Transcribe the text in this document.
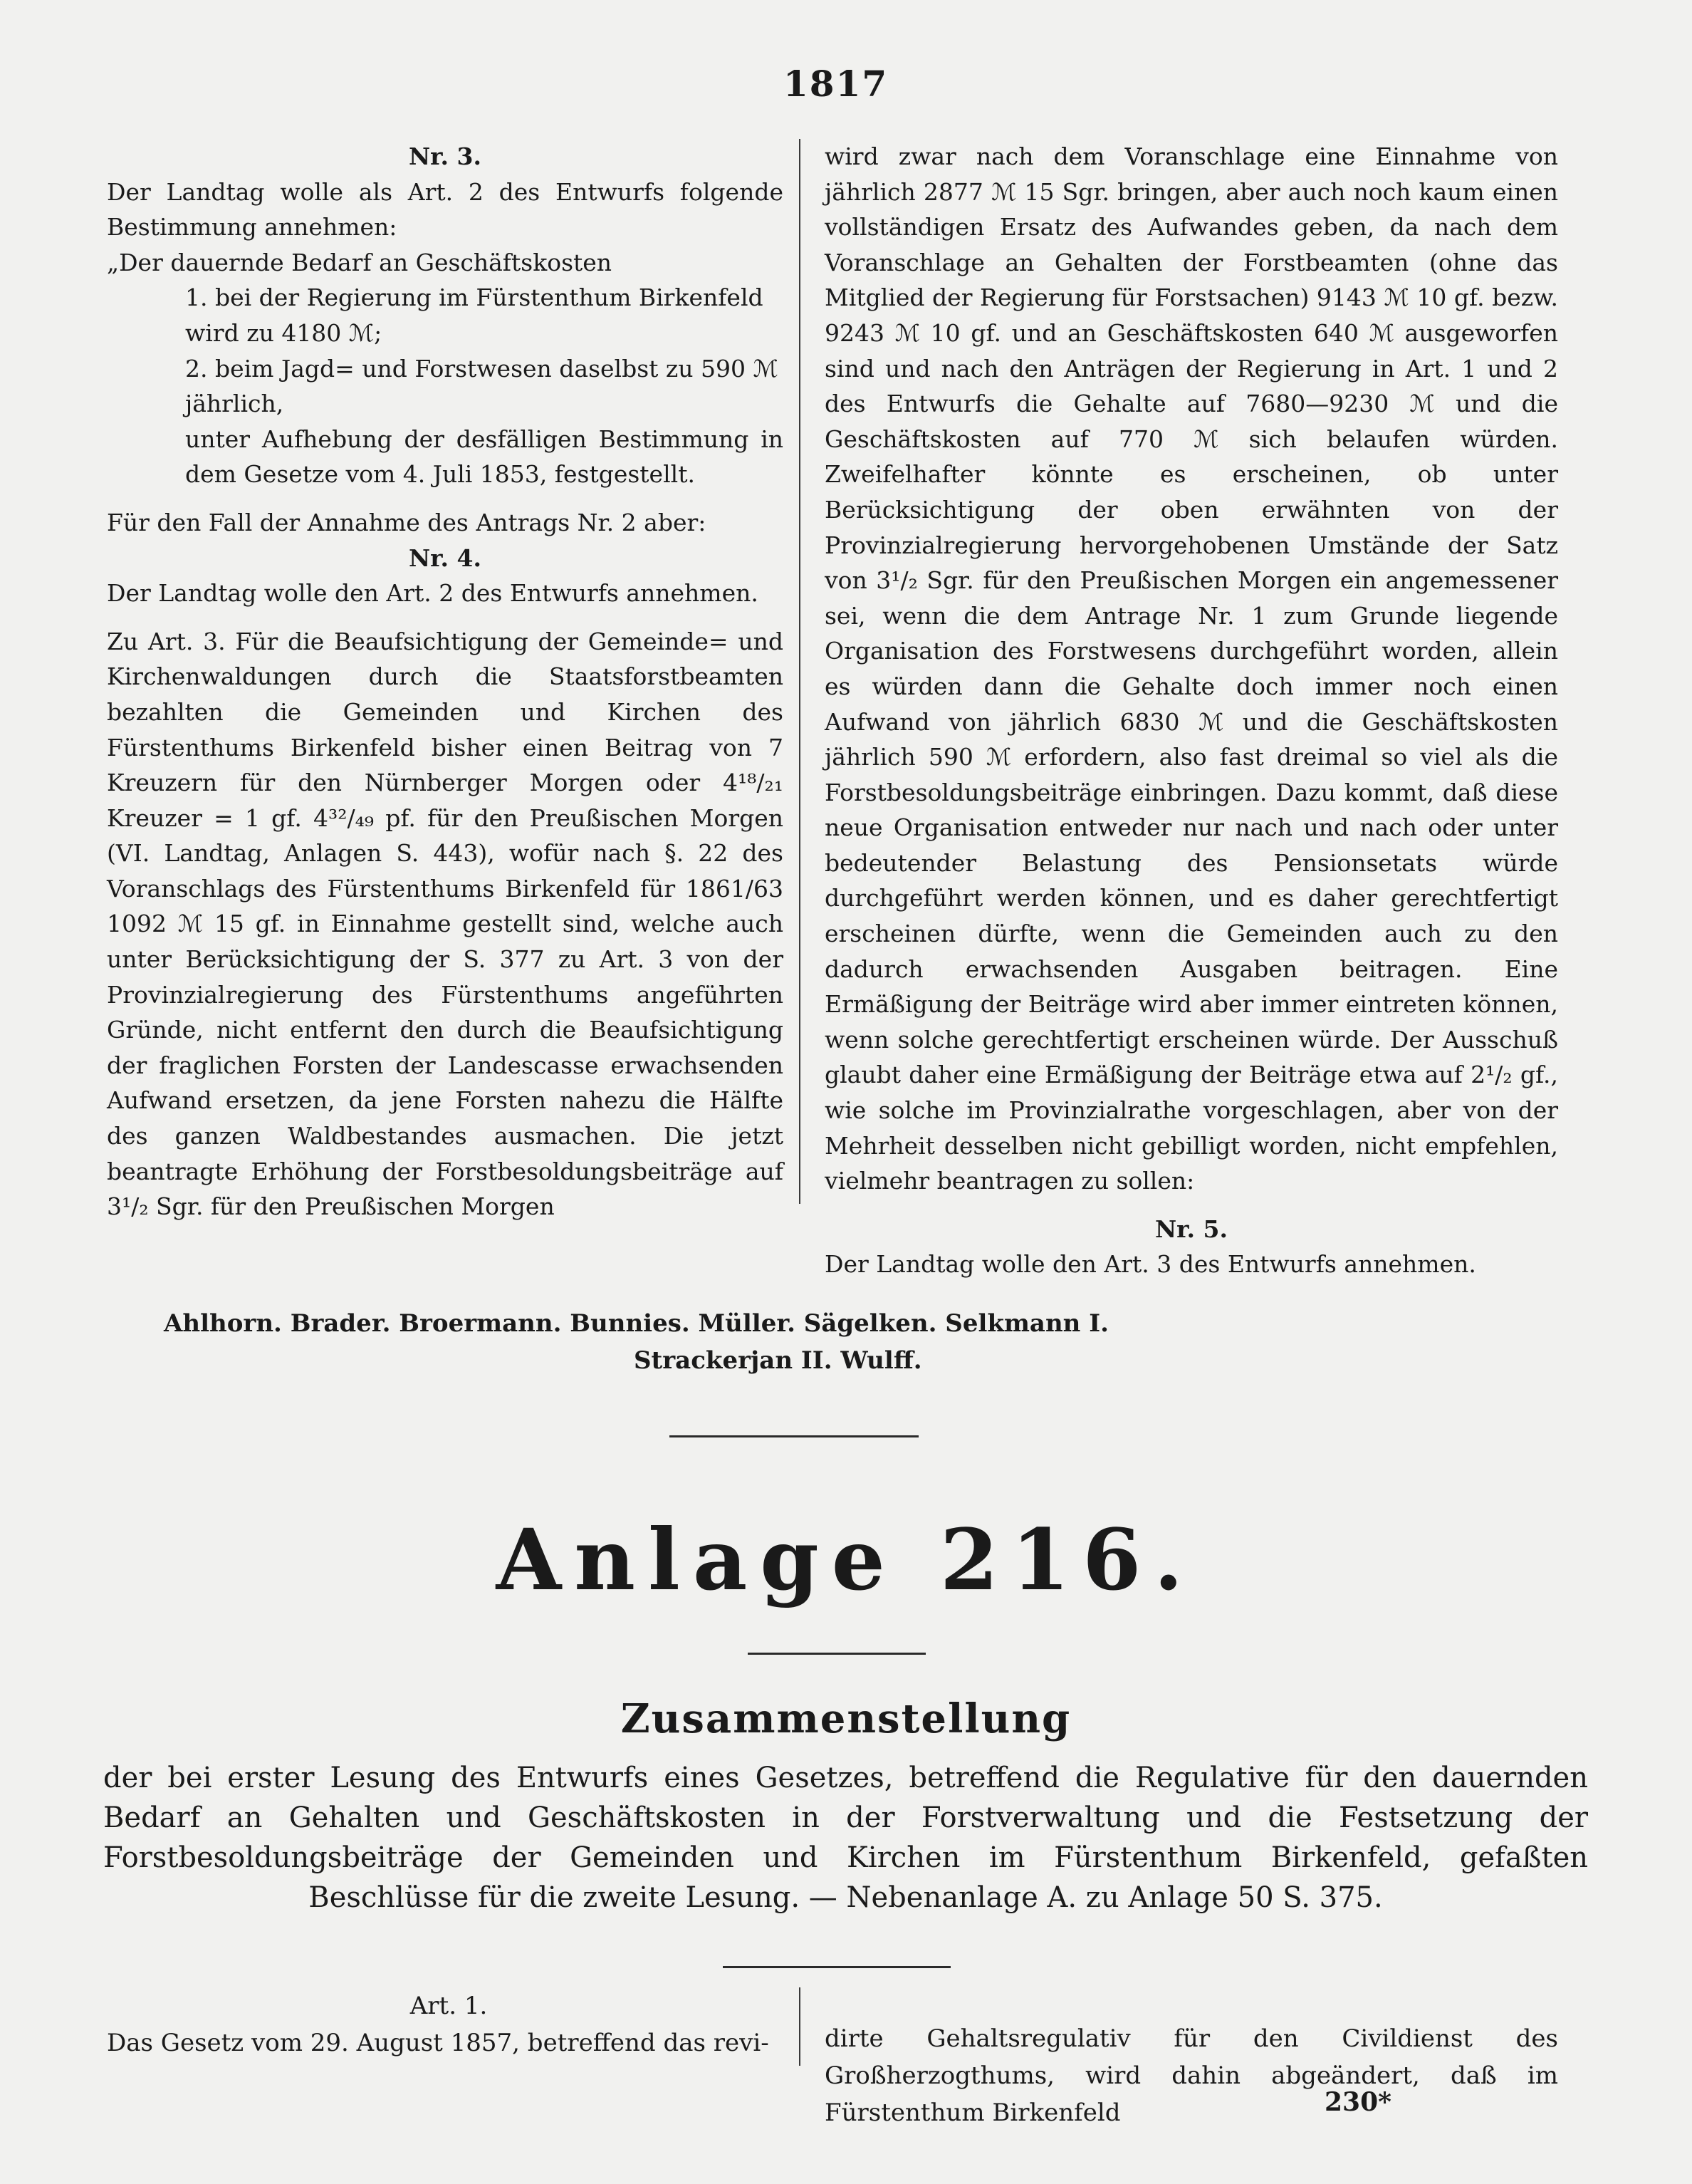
1817

Nr. 3.

Der Landtag wolle als Art. 2 des Entwurfs folgende Bestimmung annehmen:

„Der dauernde Bedarf an Geschäftskosten

1. bei der Regierung im Fürstenthum Birkenfeld wird zu 4180 ℳ;

2. beim Jagd= und Forstwesen daselbst zu 590 ℳ jährlich,

unter Aufhebung der desfälligen Bestimmung in dem Gesetze vom 4. Juli 1853, festgestellt.

Für den Fall der Annahme des Antrags Nr. 2 aber:

Nr. 4.

Der Landtag wolle den Art. 2 des Entwurfs annehmen.

Zu Art. 3. Für die Beaufsichtigung der Gemeinde= und Kirchenwaldungen durch die Staatsforstbeamten bezahlten die Gemeinden und Kirchen des Fürstenthums Birkenfeld bisher einen Beitrag von 7 Kreuzern für den Nürnberger Morgen oder 4¹⁸/₂₁ Kreuzer = 1 gf. 4³²/₄₉ pf. für den Preußischen Morgen (VI. Landtag, Anlagen S. 443), wofür nach §. 22 des Voranschlags des Fürstenthums Birkenfeld für 1861/63 1092 ℳ 15 gf. in Einnahme gestellt sind, welche auch unter Berücksichtigung der S. 377 zu Art. 3 von der Provinzialregierung des Fürstenthums angeführten Gründe, nicht entfernt den durch die Beaufsichtigung der fraglichen Forsten der Landescasse erwachsenden Aufwand ersetzen, da jene Forsten nahezu die Hälfte des ganzen Waldbestandes ausmachen. Die jetzt beantragte Erhöhung der Forstbesoldungsbeiträge auf 3¹/₂ Sgr. für den Preußischen Morgen

wird zwar nach dem Voranschlage eine Einnahme von jährlich 2877 ℳ 15 Sgr. bringen, aber auch noch kaum einen vollständigen Ersatz des Aufwandes geben, da nach dem Voranschlage an Gehalten der Forstbeamten (ohne das Mitglied der Regierung für Forstsachen) 9143 ℳ 10 gf. bezw. 9243 ℳ 10 gf. und an Geschäftskosten 640 ℳ ausgeworfen sind und nach den Anträgen der Regierung in Art. 1 und 2 des Entwurfs die Gehalte auf 7680—9230 ℳ und die Geschäftskosten auf 770 ℳ sich belaufen würden. Zweifelhafter könnte es erscheinen, ob unter Berücksichtigung der oben erwähnten von der Provinzialregierung hervorgehobenen Umstände der Satz von 3¹/₂ Sgr. für den Preußischen Morgen ein angemessener sei, wenn die dem Antrage Nr. 1 zum Grunde liegende Organisation des Forstwesens durchgeführt worden, allein es würden dann die Gehalte doch immer noch einen Aufwand von jährlich 6830 ℳ und die Geschäftskosten jährlich 590 ℳ erfordern, also fast dreimal so viel als die Forstbesoldungsbeiträge einbringen. Dazu kommt, daß diese neue Organisation entweder nur nach und nach oder unter bedeutender Belastung des Pensionsetats würde durchgeführt werden können, und es daher gerechtfertigt erscheinen dürfte, wenn die Gemeinden auch zu den dadurch erwachsenden Ausgaben beitragen. Eine Ermäßigung der Beiträge wird aber immer eintreten können, wenn solche gerechtfertigt erscheinen würde. Der Ausschuß glaubt daher eine Ermäßigung der Beiträge etwa auf 2¹/₂ gf., wie solche im Provinzialrathe vorgeschlagen, aber von der Mehrheit desselben nicht gebilligt worden, nicht empfehlen, vielmehr beantragen zu sollen:

Nr. 5.

Der Landtag wolle den Art. 3 des Entwurfs annehmen.

Ahlhorn. Brader. Broermann. Bunnies. Müller. Sägelken. Selkmann I.
Strackerjan II. Wulff.
Anlage 216.
Zusammenstellung
der bei erster Lesung des Entwurfs eines Gesetzes, betreffend die Regulative für den dauernden Bedarf an Gehalten und Geschäftskosten in der Forstverwaltung und die Festsetzung der Forstbesoldungsbeiträge der Gemeinden und Kirchen im Fürstenthum Birkenfeld, gefaßten Beschlüsse für die zweite Lesung. — Nebenanlage A. zu Anlage 50 S. 375.

Art. 1.

Das Gesetz vom 29. August 1857, betreffend das revi-	dirte Gehaltsregulativ für den Civildienst des Großherzogthums, wird dahin abgeändert, daß im Fürstenthum Birkenfeld	230*
